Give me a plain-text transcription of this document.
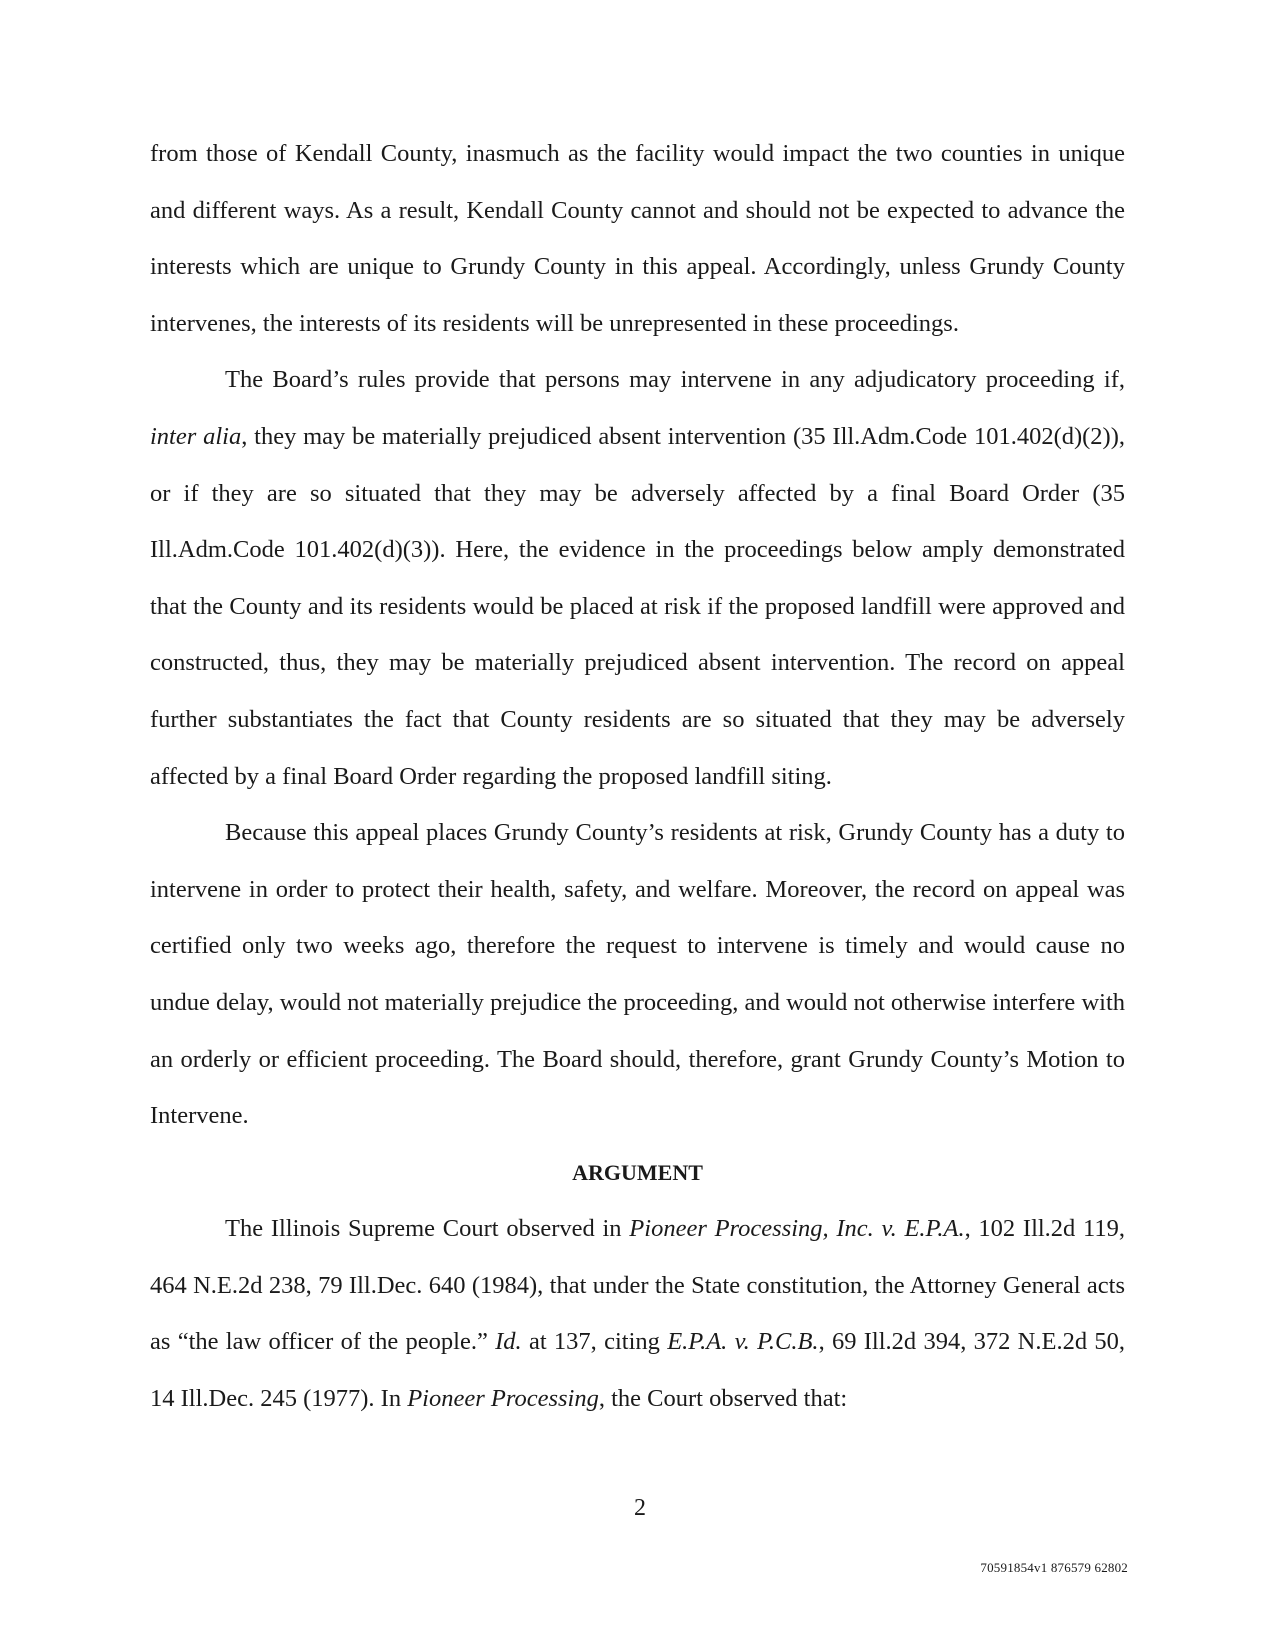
from those of Kendall County, inasmuch as the facility would impact the two counties in unique and different ways. As a result, Kendall County cannot and should not be expected to advance the interests which are unique to Grundy County in this appeal. Accordingly, unless Grundy County intervenes, the interests of its residents will be unrepresented in these proceedings.

The Board’s rules provide that persons may intervene in any adjudicatory proceeding if, inter alia, they may be materially prejudiced absent intervention (35 Ill.Adm.Code 101.402(d)(2)), or if they are so situated that they may be adversely affected by a final Board Order (35 Ill.Adm.Code 101.402(d)(3)). Here, the evidence in the proceedings below amply demonstrated that the County and its residents would be placed at risk if the proposed landfill were approved and constructed, thus, they may be materially prejudiced absent intervention. The record on appeal further substantiates the fact that County residents are so situated that they may be adversely affected by a final Board Order regarding the proposed landfill siting.

Because this appeal places Grundy County’s residents at risk, Grundy County has a duty to intervene in order to protect their health, safety, and welfare. Moreover, the record on appeal was certified only two weeks ago, therefore the request to intervene is timely and would cause no undue delay, would not materially prejudice the proceeding, and would not otherwise interfere with an orderly or efficient proceeding. The Board should, therefore, grant Grundy County’s Motion to Intervene.

ARGUMENT

The Illinois Supreme Court observed in Pioneer Processing, Inc. v. E.P.A., 102 Ill.2d 119, 464 N.E.2d 238, 79 Ill.Dec. 640 (1984), that under the State constitution, the Attorney General acts as “the law officer of the people.” Id. at 137, citing E.P.A. v. P.C.B., 69 Ill.2d 394, 372 N.E.2d 50, 14 Ill.Dec. 245 (1977). In Pioneer Processing, the Court observed that:

2
70591854v1 876579 62802
